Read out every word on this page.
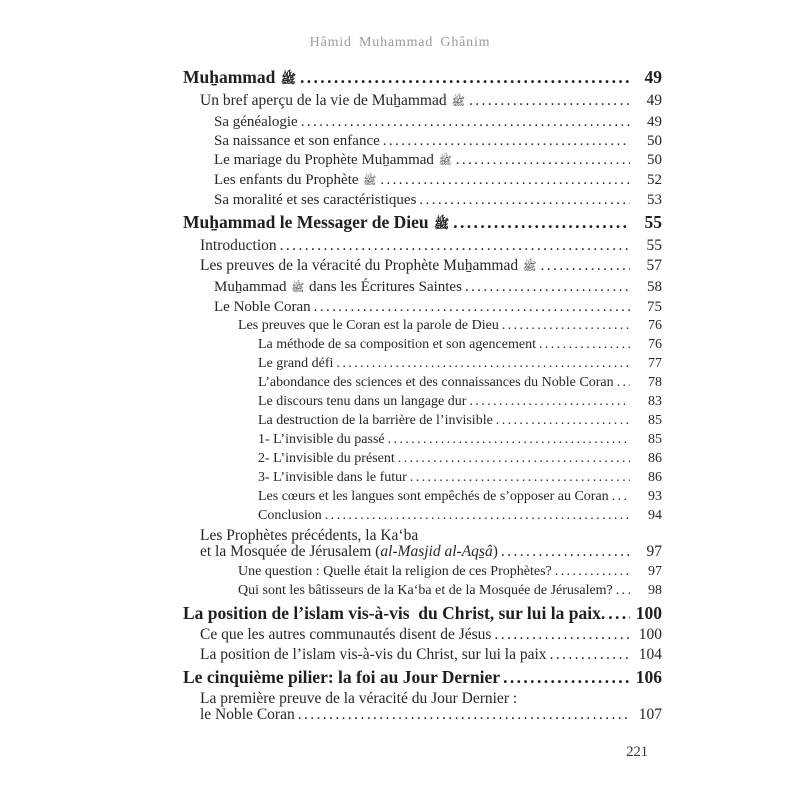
Hâmid Muhammad Ghânim
Muẖammad ﷺ .....	49
Un bref aperçu de la vie de Muẖammad ﷺ .....	49
Sa généalogie .....	49
Sa naissance et son enfance .....	50
Le mariage du Prophète Muẖammad ﷺ .....	50
Les enfants du Prophète ﷺ .....	52
Sa moralité et ses caractéristiques .....	53
Muẖammad le Messager de Dieu ﷺ .....	55
Introduction .....	55
Les preuves de la véracité du Prophète Muẖammad ﷺ .....	57
Muẖammad ﷺ dans les Écritures Saintes .....	58
Le Noble Coran .....	75
Les preuves que le Coran est la parole de Dieu .....	76
La méthode de sa composition et son agencement .....	76
Le grand défi .....	77
L’abondance des sciences et des connaissances du Noble Coran .....	78
Le discours tenu dans un langage dur .....	83
La destruction de la barrière de l’invisible .....	85
1- L’invisible du passé .....	85
2- L’invisible du présent .....	86
3- L’invisible dans le futur .....	86
Les cœurs et les langues sont empêchés de s’opposer au Coran .....	93
Conclusion .....	94
Les Prophètes précédents, la Ka‘ba
et la Mosquée de Jérusalem (al-Masjid al-Aqs̱â) .....	97
Une question : Quelle était la religion de ces Prophètes? .....	97
Qui sont les bâtisseurs de la Ka‘ba et de la Mosquée de Jérusalem? .....	98
La position de l’islam vis-à-vis  du Christ, sur lui la paix. ..... 100
Ce que les autres communautés disent de Jésus .....	100
La position de l’islam vis-à-vis du Christ, sur lui la paix .....	104
Le cinquième pilier: la foi au Jour Dernier .....	106
La première preuve de la véracité du Jour Dernier :
le Noble Coran .....	107
221
